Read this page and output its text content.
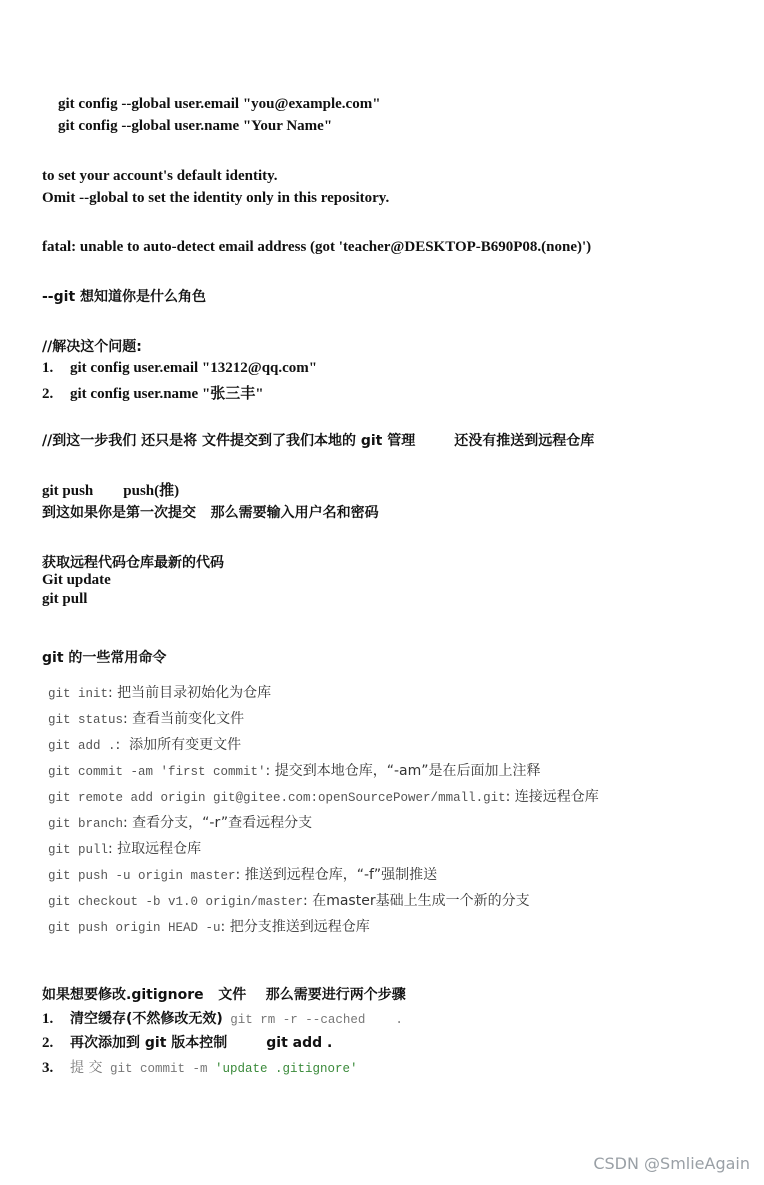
git config --global user.email "you@example.com"
git config --global user.name "Your Name"
to set your account's default identity.
Omit --global to set the identity only in this repository.
fatal: unable to auto-detect email address (got 'teacher@DESKTOP-B690P08.(none)')
--git 想知道你是什么角色
//解决这个问题:
1. git config user.email "13212@qq.com"
2. git config user.name "张三丰"
//到这一步我们 还只是将 文件提交到了我们本地的 git 管理        还没有推送到远程仓库
git push        push(推)
到这如果你是第一次提交   那么需要输入用户名和密码
获取远程代码仓库最新的代码
Git update
git pull
git 的一些常用命令
git init: 把当前目录初始化为仓库
git status: 查看当前变化文件
git add .:  添加所有变更文件
git commit -am 'first commit': 提交到本地仓库，“-am”是在后面加上注释
git remote add origin git@gitee.com:openSourcePower/mmall.git: 连接远程仓库
git branch: 查看分支，“-r”查看远程分支
git pull: 拉取远程仓库
git push -u origin master: 推送到远程仓库，“-f”强制推送
git checkout -b v1.0 origin/master: 在master基础上生成一个新的分支
git push origin HEAD -u: 把分支推送到远程仓库
如果想要修改.gitignore   文件    那么需要进行两个步骤
1. 清空缓存(不然修改无效) git rm -r --cached    .
2. 再次添加到 git 版本控制        git add .
3. 提 交 git commit -m 'update .gitignore'
CSDN @SmlieAgain
